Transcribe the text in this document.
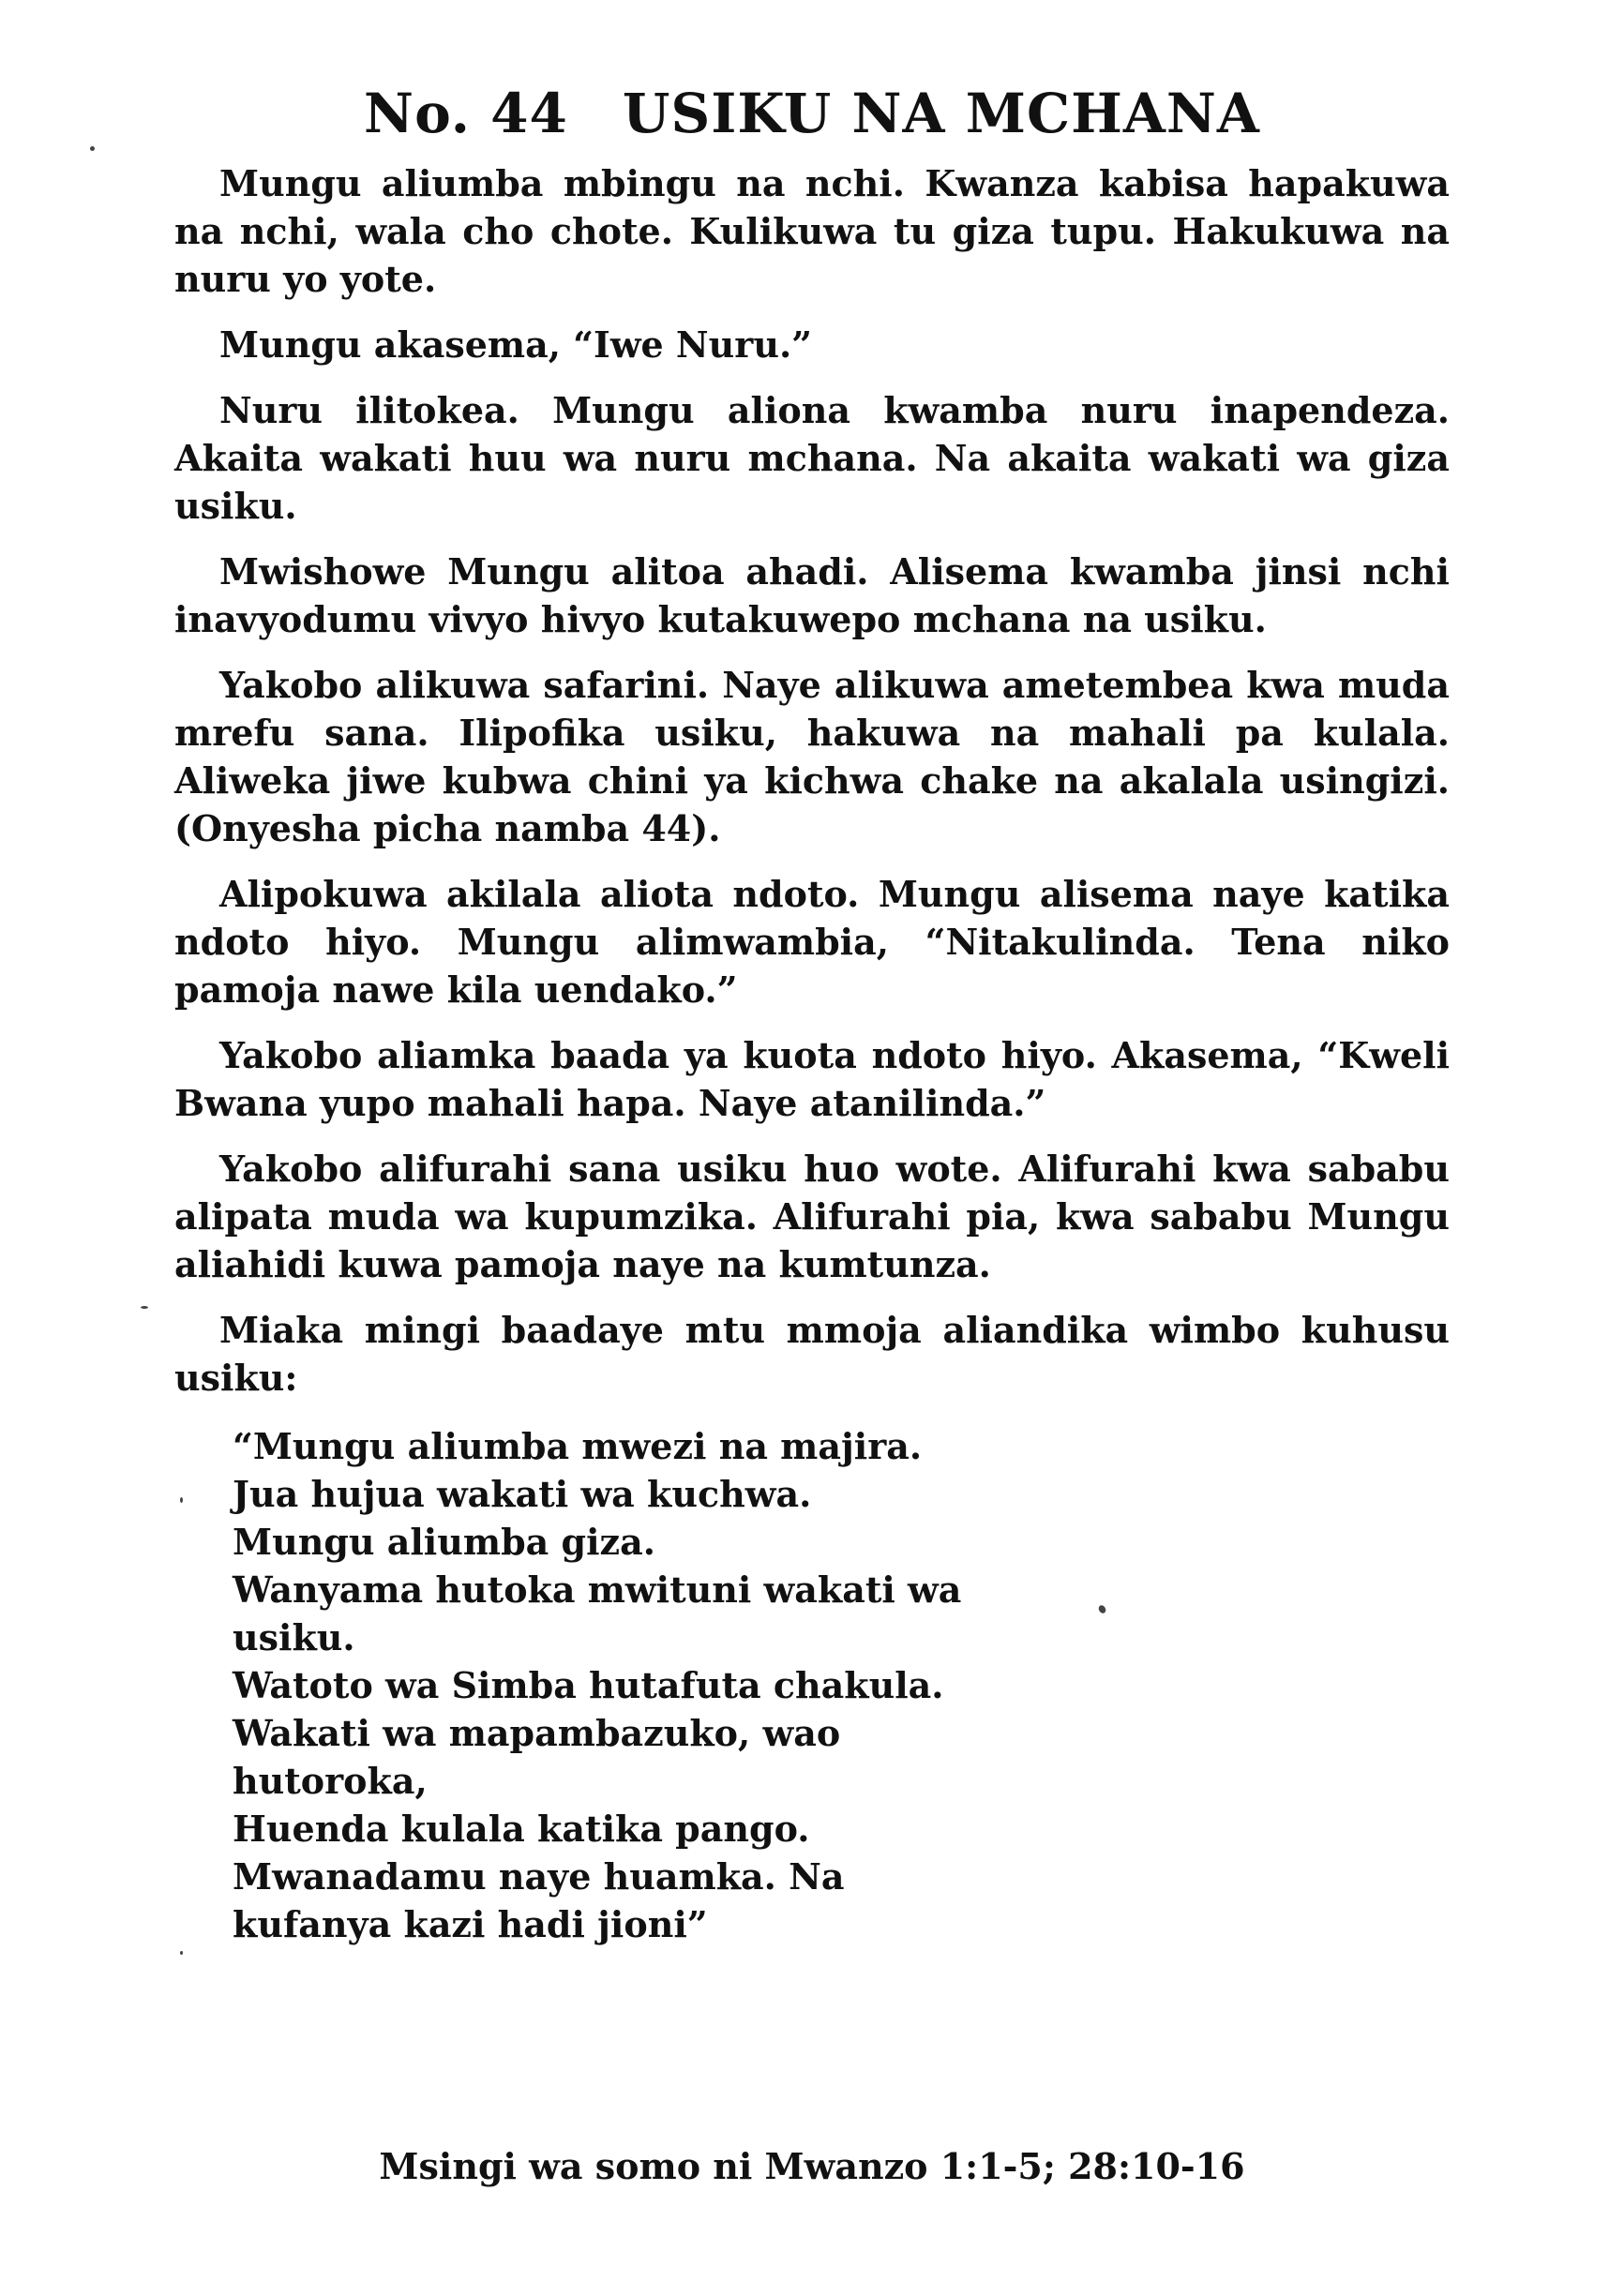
No. 44 USIKU NA MCHANA

Mungu aliumba mbingu na nchi. Kwanza kabisa hapakuwa na nchi, wala cho chote. Kulikuwa tu giza tupu. Hakukuwa na nuru yo yote.

Mungu akasema, “Iwe Nuru.”

Nuru ilitokea. Mungu aliona kwamba nuru inapendeza. Akaita wakati huu wa nuru mchana. Na akaita wakati wa giza usiku.

Mwishowe Mungu alitoa ahadi. Alisema kwamba jinsi nchi inavyodumu vivyo hivyo kutakuwepo mchana na usiku.

Yakobo alikuwa safarini. Naye alikuwa ametembea kwa muda mrefu sana. Ilipofika usiku, hakuwa na mahali pa kulala. Aliweka jiwe kubwa chini ya kichwa chake na akalala usingizi. (Onyesha picha namba 44).

Alipokuwa akilala aliota ndoto. Mungu alisema naye katika ndoto hiyo. Mungu alimwambia, “Nitakulinda. Tena niko pamoja nawe kila uendako.”

Yakobo aliamka baada ya kuota ndoto hiyo. Akasema, “Kweli Bwana yupo mahali hapa. Naye atanilinda.”

Yakobo alifurahi sana usiku huo wote. Alifurahi kwa sababu alipata muda wa kupumzika. Alifurahi pia, kwa sababu Mungu aliahidi kuwa pamoja naye na kumtunza.

Miaka mingi baadaye mtu mmoja aliandika wimbo kuhusu usiku:

“Mungu aliumba mwezi na majira.
Jua hujua wakati wa kuchwa.
Mungu aliumba giza.
Wanyama hutoka mwituni wakati wa
usiku.
Watoto wa Simba hutafuta chakula.
Wakati wa mapambazuko, wao
hutoroka,
Huenda kulala katika pango.
Mwanadamu naye huamka. Na
kufanya kazi hadi jioni”
Msingi wa somo ni Mwanzo 1:1-5; 28:10-16
